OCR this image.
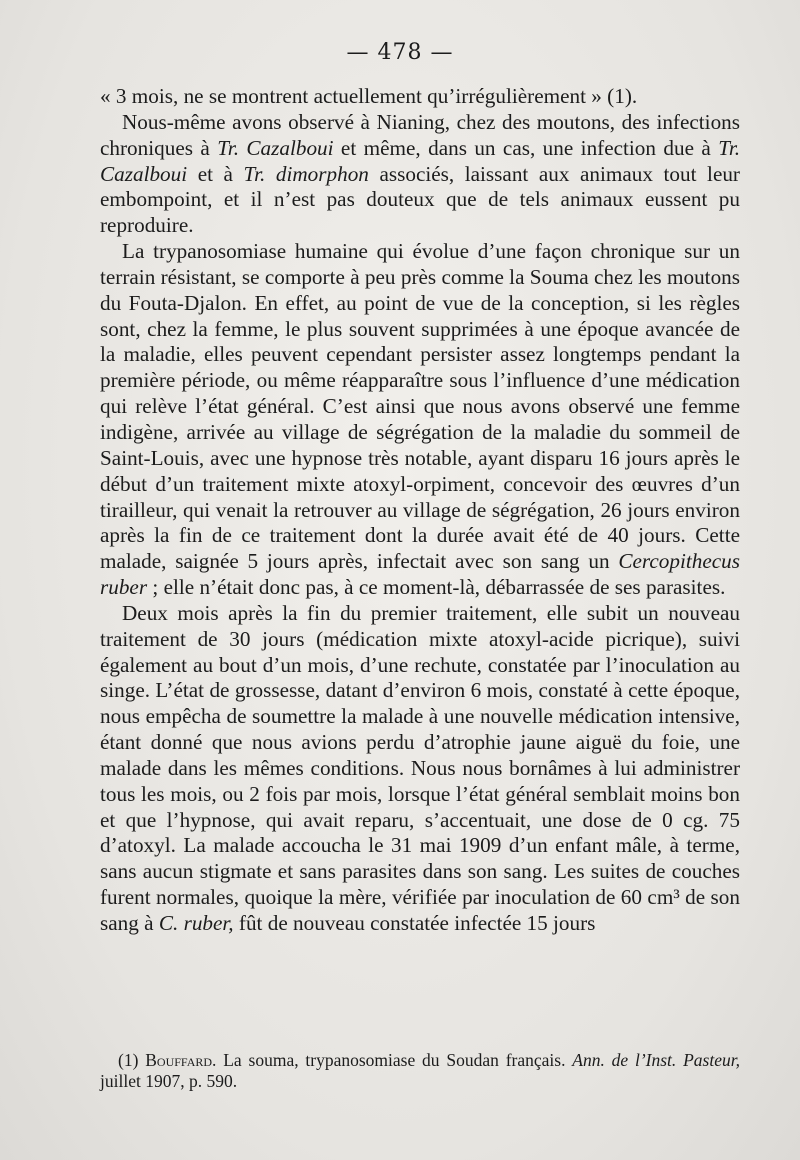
— 478 —

« 3 mois, ne se montrent actuellement qu’irrégulièrement » (1).

Nous-même avons observé à Nianing, chez des moutons, des infections chroniques à Tr. Cazalboui et même, dans un cas, une infection due à Tr. Cazalboui et à Tr. dimorphon associés, laissant aux animaux tout leur embompoint, et il n’est pas douteux que de tels animaux eussent pu reproduire.

La trypanosomiase humaine qui évolue d’une façon chronique sur un terrain résistant, se comporte à peu près comme la Souma chez les moutons du Fouta-Djalon. En effet, au point de vue de la conception, si les règles sont, chez la femme, le plus souvent supprimées à une époque avancée de la maladie, elles peuvent cependant persister assez longtemps pendant la première période, ou même réapparaître sous l’influence d’une médication qui relève l’état général. C’est ainsi que nous avons observé une femme indigène, arrivée au village de ségrégation de la maladie du sommeil de Saint-Louis, avec une hypnose très notable, ayant disparu 16 jours après le début d’un traitement mixte atoxyl-orpiment, concevoir des œuvres d’un tirailleur, qui venait la retrouver au village de ségrégation, 26 jours environ après la fin de ce traitement dont la durée avait été de 40 jours. Cette malade, saignée 5 jours après, infectait avec son sang un Cercopithecus ruber ; elle n’était donc pas, à ce moment-là, débarrassée de ses parasites.

Deux mois après la fin du premier traitement, elle subit un nouveau traitement de 30 jours (médication mixte atoxyl-acide picrique), suivi également au bout d’un mois, d’une rechute, constatée par l’inoculation au singe. L’état de grossesse, datant d’environ 6 mois, constaté à cette époque, nous empêcha de soumettre la malade à une nouvelle médication intensive, étant donné que nous avions perdu d’atrophie jaune aiguë du foie, une malade dans les mêmes conditions. Nous nous bornâmes à lui administrer tous les mois, ou 2 fois par mois, lorsque l’état général semblait moins bon et que l’hypnose, qui avait reparu, s’accentuait, une dose de 0 cg. 75 d’atoxyl. La malade accoucha le 31 mai 1909 d’un enfant mâle, à terme, sans aucun stigmate et sans parasites dans son sang. Les suites de couches furent normales, quoique la mère, vérifiée par inoculation de 60 cm³ de son sang à C. ruber, fût de nouveau constatée infectée 15 jours

(1) Bouffard. La souma, trypanosomiase du Soudan français. Ann. de l’Inst. Pasteur, juillet 1907, p. 590.
